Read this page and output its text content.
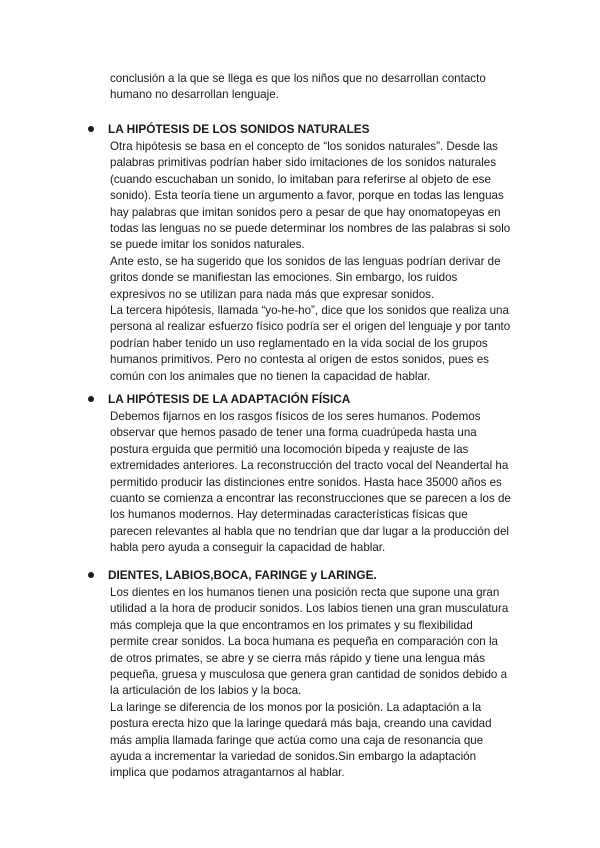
conclusión a la que se llega es que los niños que no desarrollan contacto
humano no desarrollan lenguaje.
LA HIPÓTESIS DE LOS SONIDOS NATURALES
Otra hipótesis se basa en el concepto de “los sonidos naturales”. Desde las
palabras primitivas podrían haber sido imitaciones de los sonidos naturales
(cuando escuchaban un sonido, lo imitaban para referirse al objeto de ese
sonido). Esta teoría tiene un argumento a favor, porque en todas las lenguas
hay palabras que imitan sonidos pero a pesar de que hay onomatopeyas en
todas las lenguas no se puede determinar los nombres de las palabras si solo
se puede imitar los sonidos naturales.
Ante esto, se ha sugerido que los sonidos de las lenguas podrían derivar de
gritos donde se manifiestan las emociones. Sin embargo, los ruidos
expresivos no se utilizan para nada más que expresar sonidos.
La tercera hipótesis, llamada “yo-he-ho”, dice que los sonidos que realiza una
persona al realizar esfuerzo físico podría ser el origen del lenguaje y por tanto
podrían haber tenido un uso reglamentado en la vida social de los grupos
humanos primitivos. Pero no contesta al origen de estos sonidos, pues es
común con los animales que no tienen la capacidad de hablar.
LA HIPÓTESIS DE LA ADAPTACIÓN FÍSICA
Debemos fijarnos en los rasgos físicos de los seres humanos. Podemos
observar que hemos pasado de tener una forma cuadrúpeda hasta una
postura erguida que permitió una locomoción bípeda y reajuste de las
extremidades anteriores. La reconstrucción del tracto vocal del Neandertal ha
permitido producir las distinciones entre sonidos. Hasta hace 35000 años es
cuanto se comienza a encontrar las reconstrucciones que se parecen a los de
los humanos modernos. Hay determinadas características físicas que
parecen relevantes al habla que no tendrían que dar lugar a la producción del
habla pero ayuda a conseguir la capacidad de hablar.
DIENTES, LABIOS,BOCA, FARINGE y LARINGE.
Los dientes en los humanos tienen una posición recta que supone una gran
utilidad a la hora de producir sonidos. Los labios tienen una gran musculatura
más compleja que la que encontramos en los primates y su flexibilidad
permite crear sonidos. La boca humana es pequeña en comparación con la
de otros primates, se abre y se cierra más rápido y tiene una lengua más
pequeña, gruesa y musculosa que genera gran cantidad de sonidos debido a
la articulación de los labios y la boca.
La laringe se diferencia de los monos por la posición. La adaptación a la
postura erecta hizo que la laringe quedará más baja, creando una cavidad
más amplia llamada faringe que actúa como una caja de resonancia que
ayuda a incrementar la variedad de sonidos.Sin embargo la adaptación
implica que podamos atragantarnos al hablar.
